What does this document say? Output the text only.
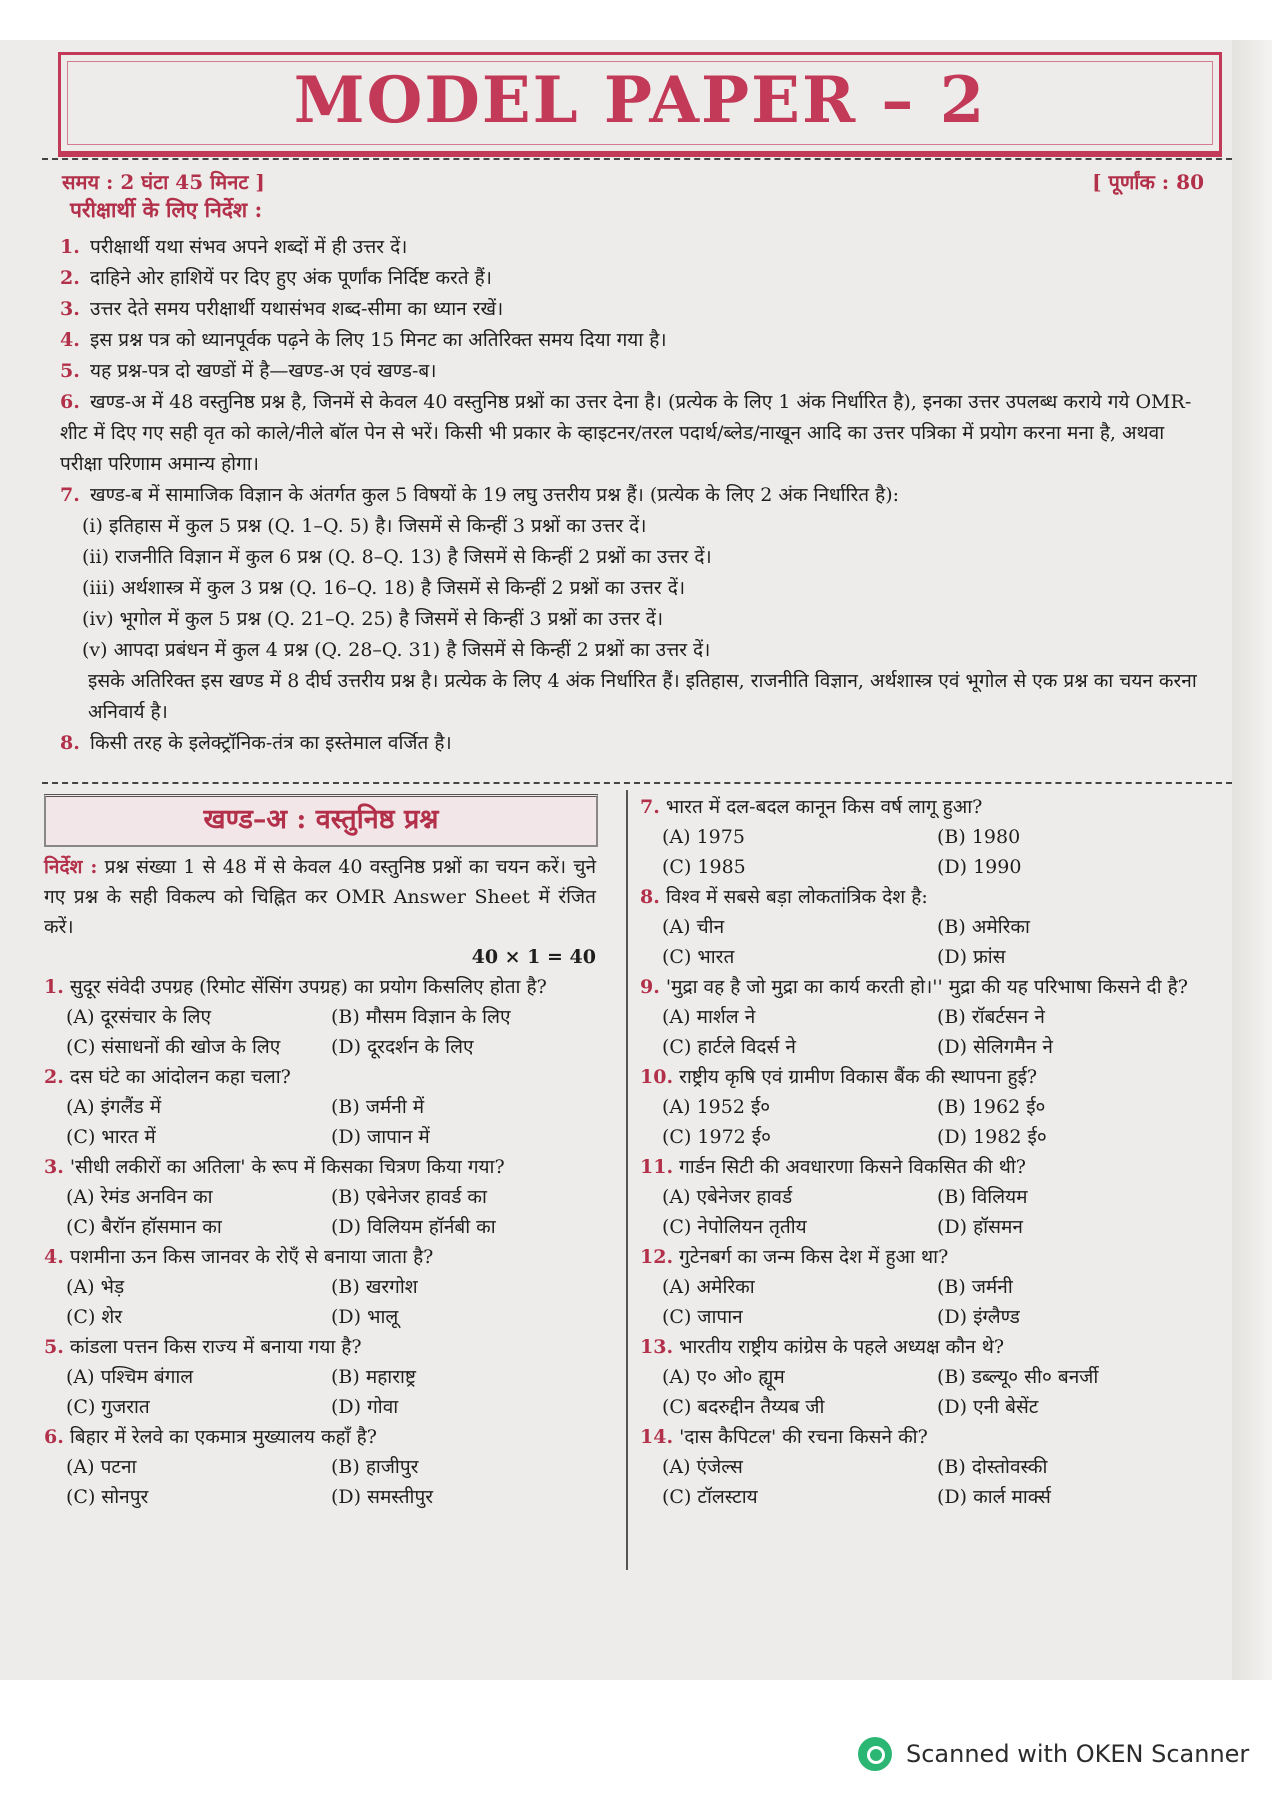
MODEL PAPER – 2
समय : 2 घंटा 45 मिनट ]	[ पूर्णांक : 80
परीक्षार्थी के लिए निर्देश :

1. परीक्षार्थी यथा संभव अपने शब्दों में ही उत्तर दें।

2. दाहिने ओर हाशियें पर दिए हुए अंक पूर्णांक निर्दिष्ट करते हैं।

3. उत्तर देते समय परीक्षार्थी यथासंभव शब्द-सीमा का ध्यान रखें।

4. इस प्रश्न पत्र को ध्यानपूर्वक पढ़ने के लिए 15 मिनट का अतिरिक्त समय दिया गया है।

5. यह प्रश्न-पत्र दो खण्डों में है—खण्ड-अ एवं खण्ड-ब।

6. खण्ड-अ में 48 वस्तुनिष्ठ प्रश्न है, जिनमें से केवल 40 वस्तुनिष्ठ प्रश्नों का उत्तर देना है। (प्रत्येक के लिए 1 अंक निर्धारित है), इनका उत्तर उपलब्ध कराये गये OMR-शीट में दिए गए सही वृत को काले/नीले बॉल पेन से भरें। किसी भी प्रकार के व्हाइटनर/तरल पदार्थ/ब्लेड/नाखून आदि का उत्तर पत्रिका में प्रयोग करना मना है, अथवा परीक्षा परिणाम अमान्य होगा।

7. खण्ड-ब में सामाजिक विज्ञान के अंतर्गत कुल 5 विषयों के 19 लघु उत्तरीय प्रश्न हैं। (प्रत्येक के लिए 2 अंक निर्धारित है):

(i) इतिहास में कुल 5 प्रश्न (Q. 1–Q. 5) है। जिसमें से किन्हीं 3 प्रश्नों का उत्तर दें।

(ii) राजनीति विज्ञान में कुल 6 प्रश्न (Q. 8–Q. 13) है जिसमें से किन्हीं 2 प्रश्नों का उत्तर दें।

(iii) अर्थशास्त्र में कुल 3 प्रश्न (Q. 16–Q. 18) है जिसमें से किन्हीं 2 प्रश्नों का उत्तर दें।

(iv) भूगोल में कुल 5 प्रश्न (Q. 21–Q. 25) है जिसमें से किन्हीं 3 प्रश्नों का उत्तर दें।

(v) आपदा प्रबंधन में कुल 4 प्रश्न (Q. 28–Q. 31) है जिसमें से किन्हीं 2 प्रश्नों का उत्तर दें।

इसके अतिरिक्त इस खण्ड में 8 दीर्घ उत्तरीय प्रश्न है। प्रत्येक के लिए 4 अंक निर्धारित हैं। इतिहास, राजनीति विज्ञान, अर्थशास्त्र एवं भूगोल से एक प्रश्न का चयन करना अनिवार्य है।

8. किसी तरह के इलेक्ट्रॉनिक-तंत्र का इस्तेमाल वर्जित है।

खण्ड–अ : वस्तुनिष्ठ प्रश्न

निर्देश : प्रश्न संख्या 1 से 48 में से केवल 40 वस्तुनिष्ठ प्रश्नों का चयन करें। चुने गए प्रश्न के सही विकल्प को चिह्नित कर OMR Answer Sheet में रंजित करें।

40 × 1 = 40

1. सुदूर संवेदी उपग्रह (रिमोट सेंसिंग उपग्रह) का प्रयोग किसलिए होता है?

(A) दूरसंचार के लिए	(B) मौसम विज्ञान के लिए

(C) संसाधनों की खोज के लिए	(D) दूरदर्शन के लिए

2. दस घंटे का आंदोलन कहा चला?

(A) इंगलैंड में	(B) जर्मनी में

(C) भारत में	(D) जापान में

3. 'सीधी लकीरों का अतिला' के रूप में किसका चित्रण किया गया?

(A) रेमंड अनविन का	(B) एबेनेजर हावर्ड का

(C) बैरॉन हॉसमान का	(D) विलियम हॉर्नबी का

4. पशमीना ऊन किस जानवर के रोएँ से बनाया जाता है?

(A) भेड़	(B) खरगोश

(C) शेर	(D) भालू

5. कांडला पत्तन किस राज्य में बनाया गया है?

(A) पश्चिम बंगाल	(B) महाराष्ट्र

(C) गुजरात	(D) गोवा

6. बिहार में रेलवे का एकमात्र मुख्यालय कहाँ है?

(A) पटना	(B) हाजीपुर

(C) सोनपुर	(D) समस्तीपुर

7. भारत में दल-बदल कानून किस वर्ष लागू हुआ?

(A) 1975	(B) 1980

(C) 1985	(D) 1990

8. विश्व में सबसे बड़ा लोकतांत्रिक देश है:

(A) चीन	(B) अमेरिका

(C) भारत	(D) फ्रांस

9. 'मुद्रा वह है जो मुद्रा का कार्य करती हो।'' मुद्रा की यह परिभाषा किसने दी है?

(A) मार्शल ने	(B) रॉबर्टसन ने

(C) हार्टले विदर्स ने	(D) सेलिगमैन ने

10. राष्ट्रीय कृषि एवं ग्रामीण विकास बैंक की स्थापना हुई?

(A) 1952 ई०	(B) 1962 ई०

(C) 1972 ई०	(D) 1982 ई०

11. गार्डन सिटी की अवधारणा किसने विकसित की थी?

(A) एबेनेजर हावर्ड	(B) विलियम

(C) नेपोलियन तृतीय	(D) हॉसमन

12. गुटेनबर्ग का जन्म किस देश में हुआ था?

(A) अमेरिका	(B) जर्मनी

(C) जापान	(D) इंग्लैण्ड

13. भारतीय राष्ट्रीय कांग्रेस के पहले अध्यक्ष कौन थे?

(A) ए० ओ० ह्यूम	(B) डब्ल्यू० सी० बनर्जी

(C) बदरुद्दीन तैय्यब जी	(D) एनी बेसेंट

14. 'दास कैपिटल' की रचना किसने की?

(A) एंजेल्स	(B) दोस्तोवस्की

(C) टॉलस्टाय	(D) कार्ल मार्क्स

Scanned with OKEN Scanner
